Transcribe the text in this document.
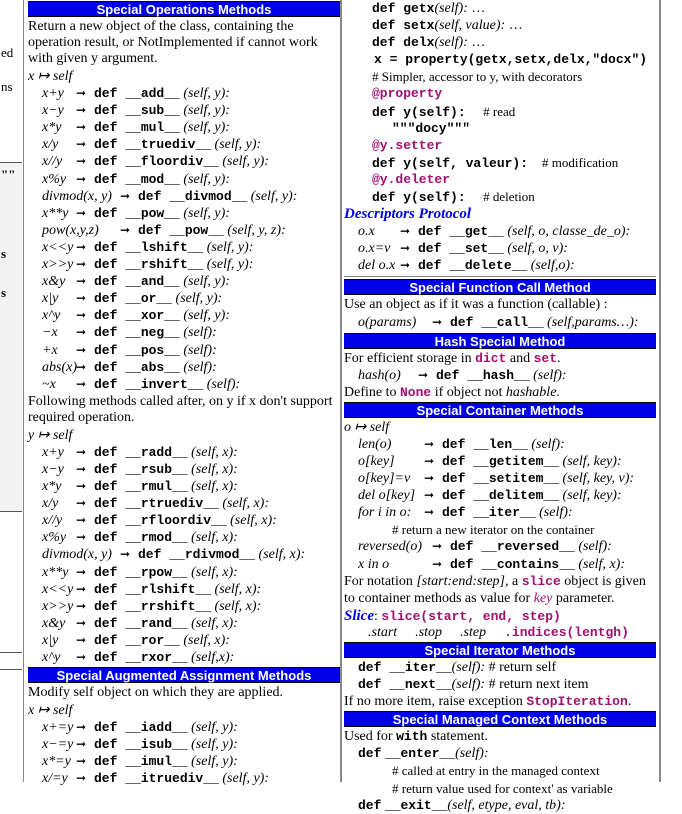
ed
ns
""
s
s
Special Operations Methods
Return a new object of the class, containing the operation result, or NotImplemented if cannot work with given y argument.
x ↦ self
x+y ➞ def __add__ (self, y):
x−y ➞ def __sub__ (self, y):
x*y ➞ def __mul__ (self, y):
x/y ➞ def __truediv__ (self, y):
x//y ➞ def __floordiv__ (self, y):
x%y ➞ def __mod__ (self, y):
divmod(x, y) ➞ def __divmod__ (self, y):
x**y ➞ def __pow__ (self, y):
pow(x,y,z) ➞ def __pow__ (self, y, z):
x<<y ➞ def __lshift__ (self, y):
x>>y ➞ def __rshift__ (self, y):
x&y ➞ def __and__ (self, y):
x|y ➞ def __or__ (self, y):
x^y ➞ def __xor__ (self, y):
−x ➞ def __neg__ (self):
+x ➞ def __pos__ (self):
abs(x) ➞ def __abs__ (self):
~x ➞ def __invert__ (self):
Following methods called after, on y if x don't support required operation.
y ↦ self
x+y ➞ def __radd__ (self, x):
x−y ➞ def __rsub__ (self, x):
x*y ➞ def __rmul__ (self, x):
x/y ➞ def __rtruediv__ (self, x):
x//y ➞ def __rfloordiv__ (self, x):
x%y ➞ def __rmod__ (self, x):
divmod(x, y) ➞ def __rdivmod__ (self, x):
x**y ➞ def __rpow__ (self, x):
x<<y ➞ def __rlshift__ (self, x):
x>>y ➞ def __rrshift__ (self, x):
x&y ➞ def __rand__ (self, x):
x|y ➞ def __ror__ (self, x):
x^y ➞ def __rxor__ (self,x):
Special Augmented Assignment Methods
Modify self object on which they are applied.
x ↦ self
x+=y ➞ def __iadd__ (self, y):
x−=y ➞ def __isub__ (self, y):
x*=y ➞ def __imul__ (self, y):
x/=y ➞ def __itruediv__ (self, y):
def getx(self): …
def setx(self, value): …
def delx(self): …
x = property(getx,setx,delx,"docx")
# Simpler, accessor to y, with decorators
@property
def y(self): # read
"""docy"""
@y.setter
def y(self, valeur): # modification
@y.deleter
def y(self): # deletion
Descriptors Protocol
o.x ➞ def __get__ (self, o, classe_de_o):
o.x=v ➞ def __set__ (self, o, v):
del o.x ➞ def __delete__ (self,o):
Special Function Call Method
Use an object as if it was a function (callable) :
o(params) ➞ def __call__ (self,params…):
Hash Special Method
For efficient storage in dict and set.
hash(o) ➞ def __hash__ (self):
Define to None if object not hashable.
Special Container Methods
o ↦ self
len(o)	➞ def __len__ (self):
o[key] ➞ def __getitem__ (self, key):
o[key]=v ➞ def __setitem__ (self, key, v):
del o[key] ➞ def __delitem__ (self, key):
for i in o: ➞ def __iter__ (self):
# return a new iterator on the container
reversed(o) ➞ def __reversed__ (self):
x in o	➞ def __contains__ (self, x):
For notation [start:end:step], a slice object is given
to container methods as value for key parameter.
Slice: slice(start, end, step)
.start .stop .step .indices(lentgh)
Special Iterator Methods
def __iter__(self): # return self
def __next__(self): # return next item
If no more item, raise exception StopIteration.
Special Managed Context Methods
Used for with statement.
def __enter__(self):
# called at entry in the managed context
# return value used for context' as variable
def __exit__(self, etype, eval, tb):
